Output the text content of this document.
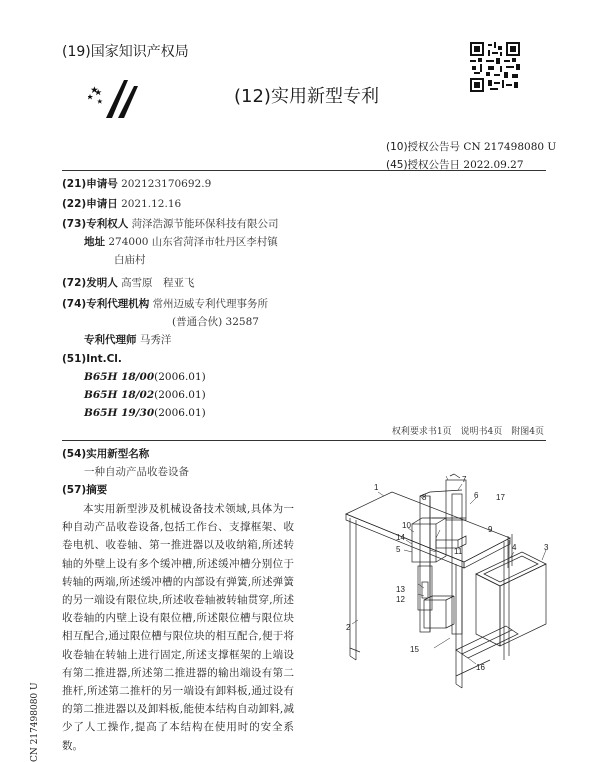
(19)国家知识产权局
(12)实用新型专利
(10)授权公告号 CN 217498080 U
(45)授权公告日 2022.09.27
(21)申请号 202123170692.9
(22)申请日 2021.12.16
(73)专利权人 菏泽浩源节能环保科技有限公司
地址 274000 山东省菏泽市牡丹区李村镇
白庙村
(72)发明人 高雪原　程亚飞
(74)专利代理机构 常州迈威专利代理事务所
(普通合伙) 32587
专利代理师 马秀洋
(51)Int.Cl.
B65H 18/00(2006.01)
B65H 18/02(2006.01)
B65H 19/30(2006.01)
权利要求书1页　说明书4页　附图4页
(54)实用新型名称
一种自动产品收卷设备
(57)摘要
本实用新型涉及机械设备技术领域,具体为一种自动产品收卷设备,包括工作台、支撑框架、收卷电机、收卷轴、第一推进器以及收纳箱,所述转轴的外壁上设有多个缓冲槽,所述缓冲槽分别位于转轴的两端,所述缓冲槽的内部设有弹簧,所述弹簧的另一端设有限位块,所述收卷轴被转轴贯穿,所述收卷轴的内壁上设有限位槽,所述限位槽与限位块相互配合,通过限位槽与限位块的相互配合,便于将收卷轴在转轴上进行固定,所述支撑框架的上端设有第二推进器,所述第二推进器的输出端设有第二推杆,所述第二推杆的另一端设有卸料板,通过设有的第二推进器以及卸料板,能使本结构自动卸料,减少了人工操作,提高了本结构在使用时的安全系数。
CN 217498080 U
1
2
3
4
5
6
7
8
9
10
11
12
13
14
15
16
17
